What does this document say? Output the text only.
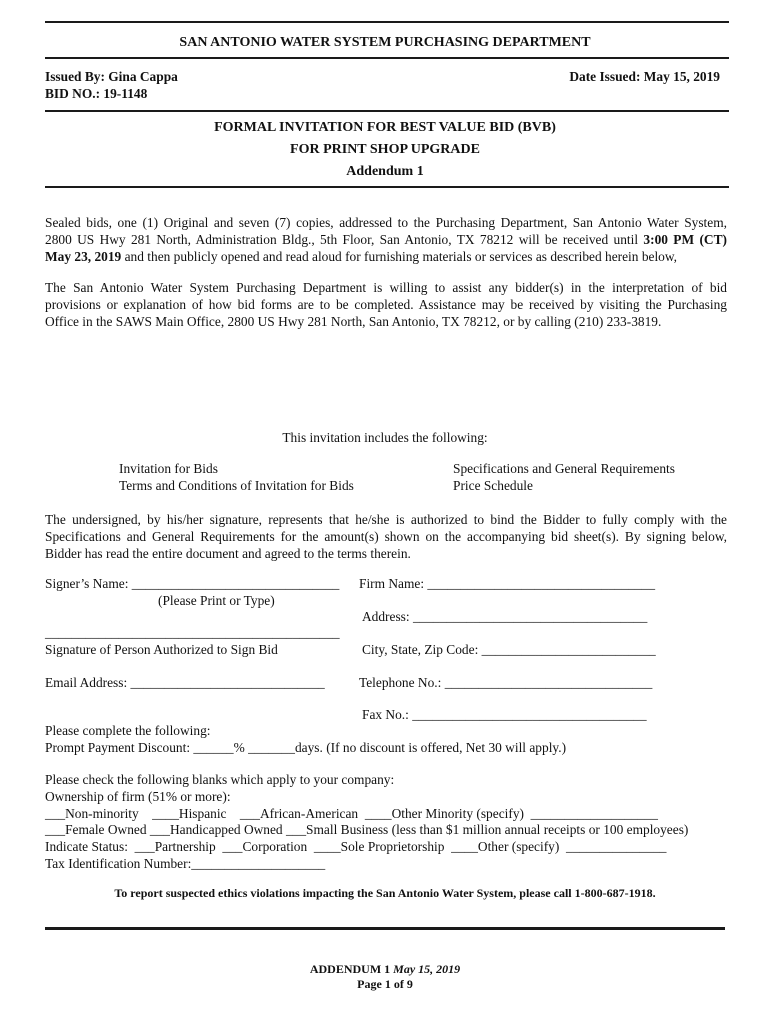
SAN ANTONIO WATER SYSTEM PURCHASING DEPARTMENT
Issued By: Gina Cappa
BID NO.: 19-1148
Date Issued: May 15, 2019
FORMAL INVITATION FOR BEST VALUE BID (BVB)
FOR PRINT SHOP UPGRADE
Addendum 1
Sealed bids, one (1) Original and seven (7) copies, addressed to the Purchasing Department, San Antonio Water System,
2800 US Hwy 281 North, Administration Bldg., 5th Floor, San Antonio, TX 78212 will be received until 3:00 PM (CT)
May 23, 2019 and then publicly opened and read aloud for furnishing materials or services as described herein below,
The San Antonio Water System Purchasing Department is willing to assist any bidder(s) in the interpretation of bid
provisions or explanation of how bid forms are to be completed. Assistance may be received by visiting the Purchasing
Office in the SAWS Main Office, 2800 US Hwy 281 North, San Antonio, TX 78212, or by calling (210) 233-3819.
This invitation includes the following:
Invitation for Bids
Terms and Conditions of Invitation for Bids
Specifications and General Requirements
Price Schedule
The undersigned, by his/her signature, represents that he/she is authorized to bind the Bidder to fully comply with the
Specifications and General Requirements for the amount(s) shown on the accompanying bid sheet(s). By signing below,
Bidder has read the entire document and agreed to the terms therein.
Signer’s Name: _______________________________
(Please Print or Type)
Firm Name: __________________________________
Address: ___________________________________
____________________________________________
Signature of Person Authorized to Sign Bid	City, State, Zip Code: __________________________
Email Address: _____________________________	Telephone No.: _______________________________
Fax No.: ___________________________________
Please complete the following:
Prompt Payment Discount: ______% _______days. (If no discount is offered, Net 30 will apply.)
Please check the following blanks which apply to your company:
Ownership of firm (51% or more):
___Non-minority    ____Hispanic    ___African-American  ____Other Minority (specify)  ___________________
___Female Owned ___Handicapped Owned ___Small Business (less than $1 million annual receipts or 100 employees)
Indicate Status:  ___Partnership  ___Corporation  ____Sole Proprietorship  ____Other (specify)  _______________
Tax Identification Number:____________________
To report suspected ethics violations impacting the San Antonio Water System, please call 1-800-687-1918.
ADDENDUM 1 May 15, 2019
Page 1 of 9
